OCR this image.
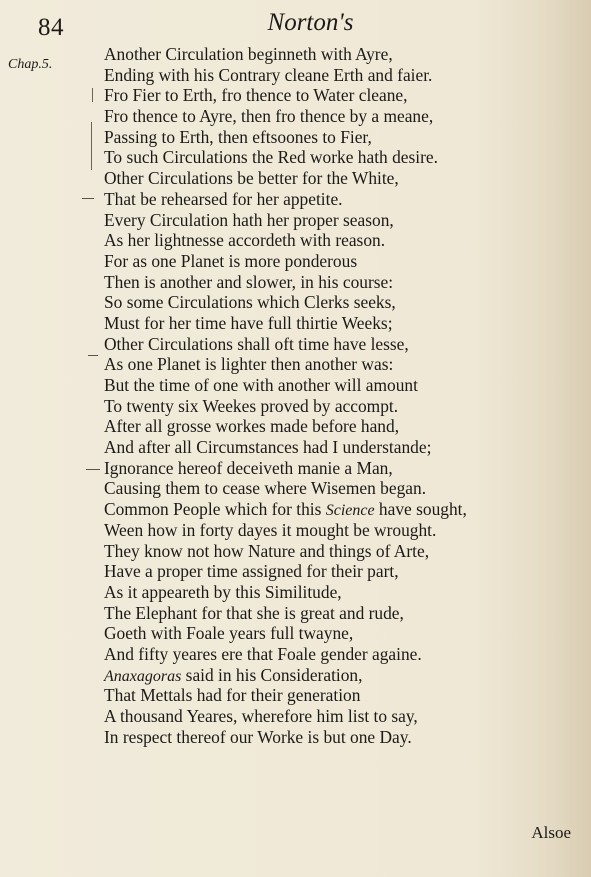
84	Norton's
Chap.5.
Another Circulation beginneth with Ayre,
Ending with his Contrary cleane Erth and faier.
Fro Fier to Erth, fro thence to Water cleane,
Fro thence to Ayre, then fro thence by a meane,
Passing to Erth, then eftsoones to Fier,
To such Circulations the Red worke hath desire.
Other Circulations be better for the White,
That be rehearsed for her appetite.
Every Circulation hath her proper season,
As her lightnesse accordeth with reason.
For as one Planet is more ponderous
Then is another and slower, in his course:
So some Circulations which Clerks seeks,
Must for her time have full thirtie Weeks;
Other Circulations shall oft time have lesse,
As one Planet is lighter then another was:
But the time of one with another will amount
To twenty six Weekes proved by accompt.
After all grosse workes made before hand,
And after all Circumstances had I understande;
Ignorance hereof deceiveth manie a Man,
Causing them to cease where Wisemen began.
Common People which for this Science have sought,
Ween how in forty dayes it mought be wrought.
They know not how Nature and things of Arte,
Have a proper time assigned for their part,
As it appeareth by this Similitude,
The Elephant for that she is great and rude,
Goeth with Foale years full twayne,
And fifty yeares ere that Foale gender againe.
Anaxagoras said in his Consideration,
That Mettals had for their generation
A thousand Yeares, wherefore him list to say,
In respect thereof our Worke is but one Day.
Alsoe
